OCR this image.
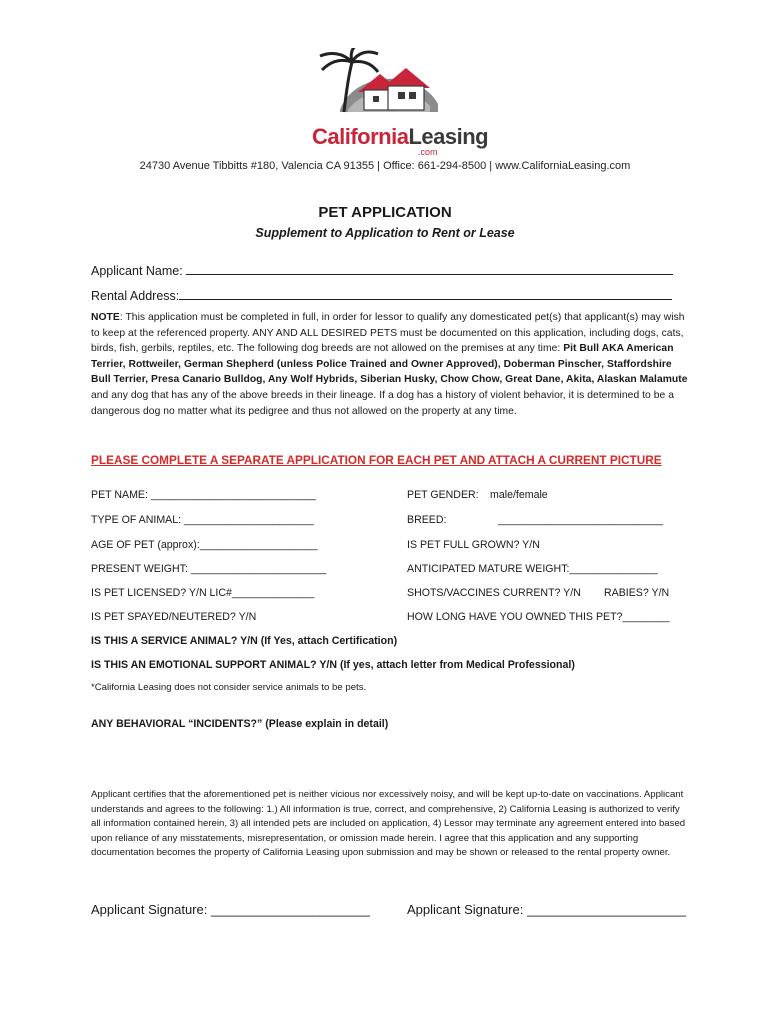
CaliforniaLeasing
.com
24730 Avenue Tibbitts #180, Valencia CA 91355 | Office: 661-294-8500 | www.CaliforniaLeasing.com
PET APPLICATION
Supplement to Application to Rent or Lease
Applicant Name:
Rental Address:
NOTE: This application must be completed in full, in order for lessor to qualify any domesticated pet(s) that applicant(s) may wish to keep at the referenced property. ANY AND ALL DESIRED PETS must be documented on this application, including dogs, cats, birds, fish, gerbils, reptiles, etc. The following dog breeds are not allowed on the premises at any time: Pit Bull AKA American Terrier, Rottweiler, German Shepherd (unless Police Trained and Owner Approved), Doberman Pinscher, Staffordshire Bull Terrier, Presa Canario Bulldog, Any Wolf Hybrids, Siberian Husky, Chow Chow, Great Dane, Akita, Alaskan Malamute and any dog that has any of the above breeds in their lineage. If a dog has a history of violent behavior, it is determined to be a dangerous dog no matter what its pedigree and thus not allowed on the property at any time.
PLEASE COMPLETE A SEPARATE APPLICATION FOR EACH PET AND ATTACH A CURRENT PICTURE
PET NAME: ____________________________	PET GENDER: male/female
TYPE OF ANIMAL: ______________________	BREED:	____________________________
AGE OF PET (approx):____________________	IS PET FULL GROWN? Y/N
PRESENT WEIGHT: _______________________	ANTICIPATED MATURE WEIGHT:_______________
IS PET LICENSED? Y/N LIC#______________	SHOTS/VACCINES CURRENT? Y/N RABIES? Y/N
IS PET SPAYED/NEUTERED? Y/N	HOW LONG HAVE YOU OWNED THIS PET?________
IS THIS A SERVICE ANIMAL? Y/N (If Yes, attach Certification)
IS THIS AN EMOTIONAL SUPPORT ANIMAL? Y/N (If yes, attach letter from Medical Professional)
*California Leasing does not consider service animals to be pets.
ANY BEHAVIORAL “INCIDENTS?” (Please explain in detail)
Applicant certifies that the aforementioned pet is neither vicious nor excessively noisy, and will be kept up-to-date on vaccinations. Applicant understands and agrees to the following: 1.) All information is true, correct, and comprehensive, 2) California Leasing is authorized to verify all information contained herein, 3) all intended pets are included on application, 4) Lessor may terminate any agreement entered into based upon reliance of any misstatements, misrepresentation, or omission made herein. I agree that this application and any supporting documentation becomes the property of California Leasing upon submission and may be shown or released to the rental property owner.
Applicant Signature: ______________________	Applicant Signature: ______________________
